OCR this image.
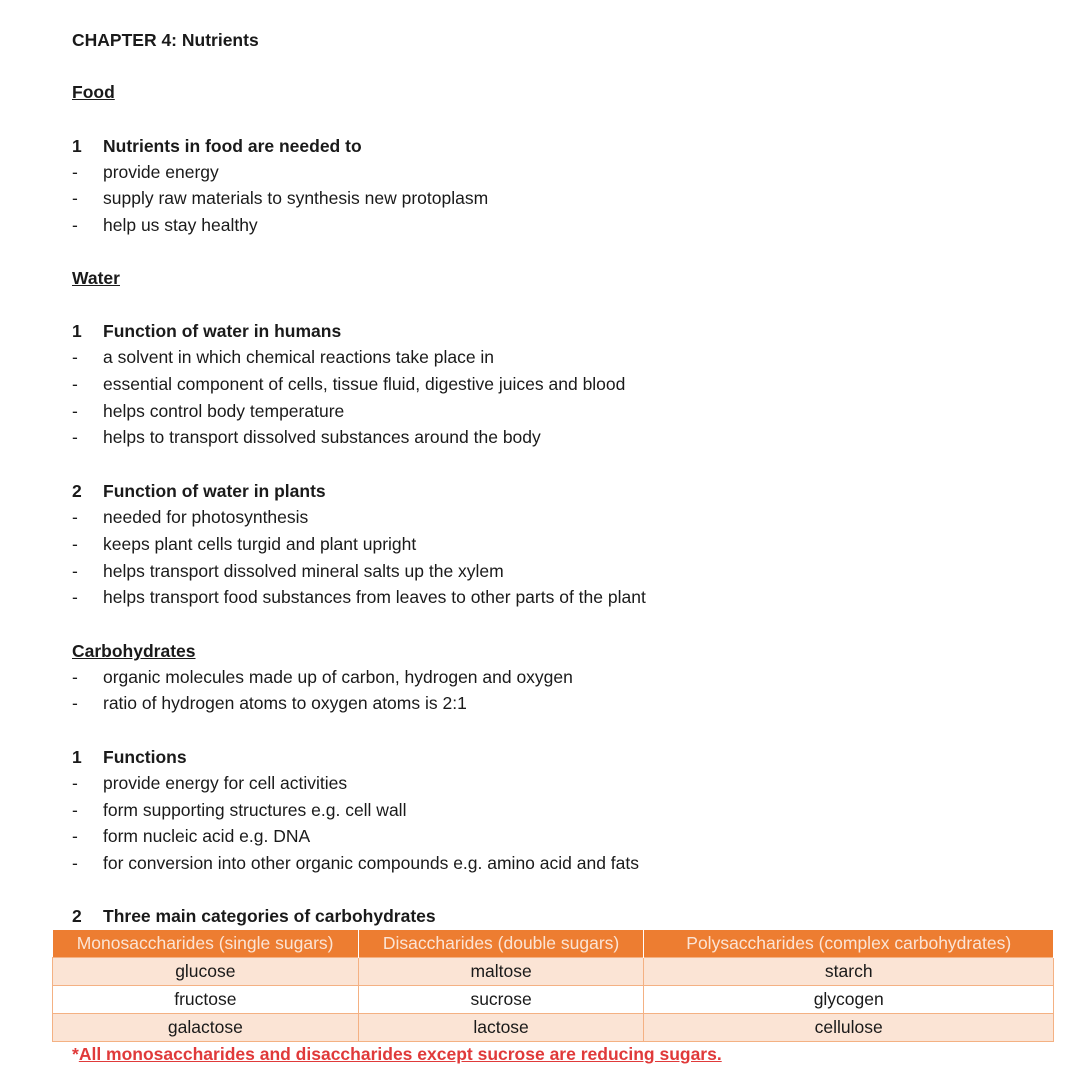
CHAPTER 4: Nutrients
Food
1	Nutrients in food are needed to
-	provide energy
-	supply raw materials to synthesis new protoplasm
-	help us stay healthy
Water
1	Function of water in humans
-	a solvent in which chemical reactions take place in
-	essential component of cells, tissue fluid, digestive juices and blood
-	helps control body temperature
-	helps to transport dissolved substances around the body
2	Function of water in plants
-	needed for photosynthesis
-	keeps plant cells turgid and plant upright
-	helps transport dissolved mineral salts up the xylem
-	helps transport food substances from leaves to other parts of the plant
Carbohydrates
-	organic molecules made up of carbon, hydrogen and oxygen
-	ratio of hydrogen atoms to oxygen atoms is 2:1
1	Functions
-	provide energy for cell activities
-	form supporting structures e.g. cell wall
-	form nucleic acid e.g. DNA
-	for conversion into other organic compounds e.g. amino acid and fats
2	Three main categories of carbohydrates
Monosaccharides (single sugars)	Disaccharides (double sugars)	Polysaccharides (complex carbohydrates)
glucose	maltose	starch
fructose	sucrose	glycogen
galactose	lactose	cellulose
*All monosaccharides and disaccharides except sucrose are reducing sugars.
